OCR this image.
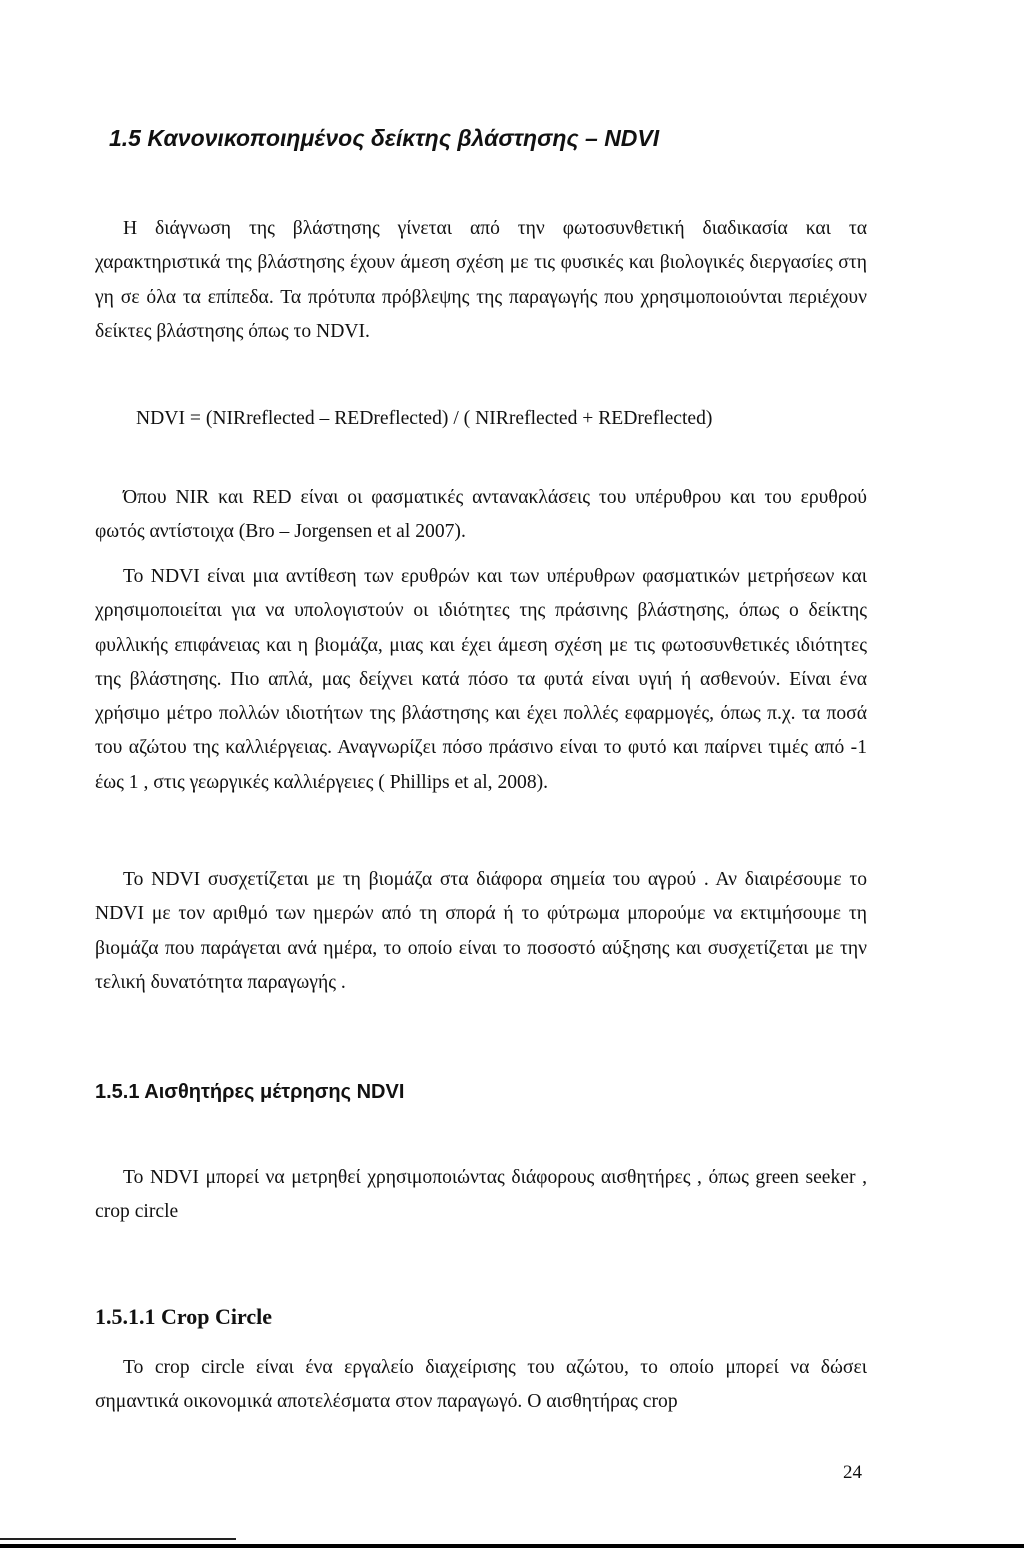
1.5 Κανονικοποιημένος δείκτης βλάστησης – NDVI

Η διάγνωση της βλάστησης γίνεται από την φωτοσυνθετική διαδικασία και τα χαρακτηριστικά της βλάστησης έχουν άμεση σχέση με τις φυσικές και βιολογικές διεργασίες στη γη σε όλα τα επίπεδα. Τα πρότυπα πρόβλεψης της παραγωγής που χρησιμοποιούνται περιέχουν δείκτες βλάστησης όπως το NDVI.

NDVI = (NIRreflected – REDreflected) / ( NIRreflected + REDreflected)

Όπου NIR και RED είναι οι φασματικές αντανακλάσεις του υπέρυθρου και του ερυθρού φωτός αντίστοιχα (Bro – Jorgensen et al 2007).

Το NDVI είναι μια αντίθεση των ερυθρών και των υπέρυθρων φασματικών μετρήσεων και χρησιμοποιείται για να υπολογιστούν οι ιδιότητες της πράσινης βλάστησης, όπως ο δείκτης φυλλικής επιφάνειας και η βιομάζα, μιας και έχει άμεση σχέση με τις φωτοσυνθετικές ιδιότητες της βλάστησης. Πιο απλά, μας δείχνει κατά πόσο τα φυτά είναι υγιή ή ασθενούν. Είναι ένα χρήσιμο μέτρο πολλών ιδιοτήτων της βλάστησης και έχει πολλές εφαρμογές, όπως π.χ. τα ποσά του αζώτου της καλλιέργειας. Αναγνωρίζει πόσο πράσινο είναι το φυτό και παίρνει τιμές από -1 έως 1 , στις γεωργικές καλλιέργειες ( Phillips et al, 2008).

Το NDVI συσχετίζεται με τη βιομάζα στα διάφορα σημεία του αγρού . Αν διαιρέσουμε το NDVI με τον αριθμό των ημερών από τη σπορά ή το φύτρωμα μπορούμε να εκτιμήσουμε τη βιομάζα που παράγεται ανά ημέρα, το οποίο είναι το ποσοστό αύξησης και συσχετίζεται με την τελική δυνατότητα παραγωγής .

1.5.1 Αισθητήρες μέτρησης NDVI

Το NDVI μπορεί να μετρηθεί χρησιμοποιώντας διάφορους αισθητήρες , όπως green seeker , crop circle

1.5.1.1 Crop Circle

Το crop circle είναι ένα εργαλείο διαχείρισης του αζώτου, το οποίο μπορεί να δώσει σημαντικά οικονομικά αποτελέσματα στον παραγωγό. Ο αισθητήρας crop

24
